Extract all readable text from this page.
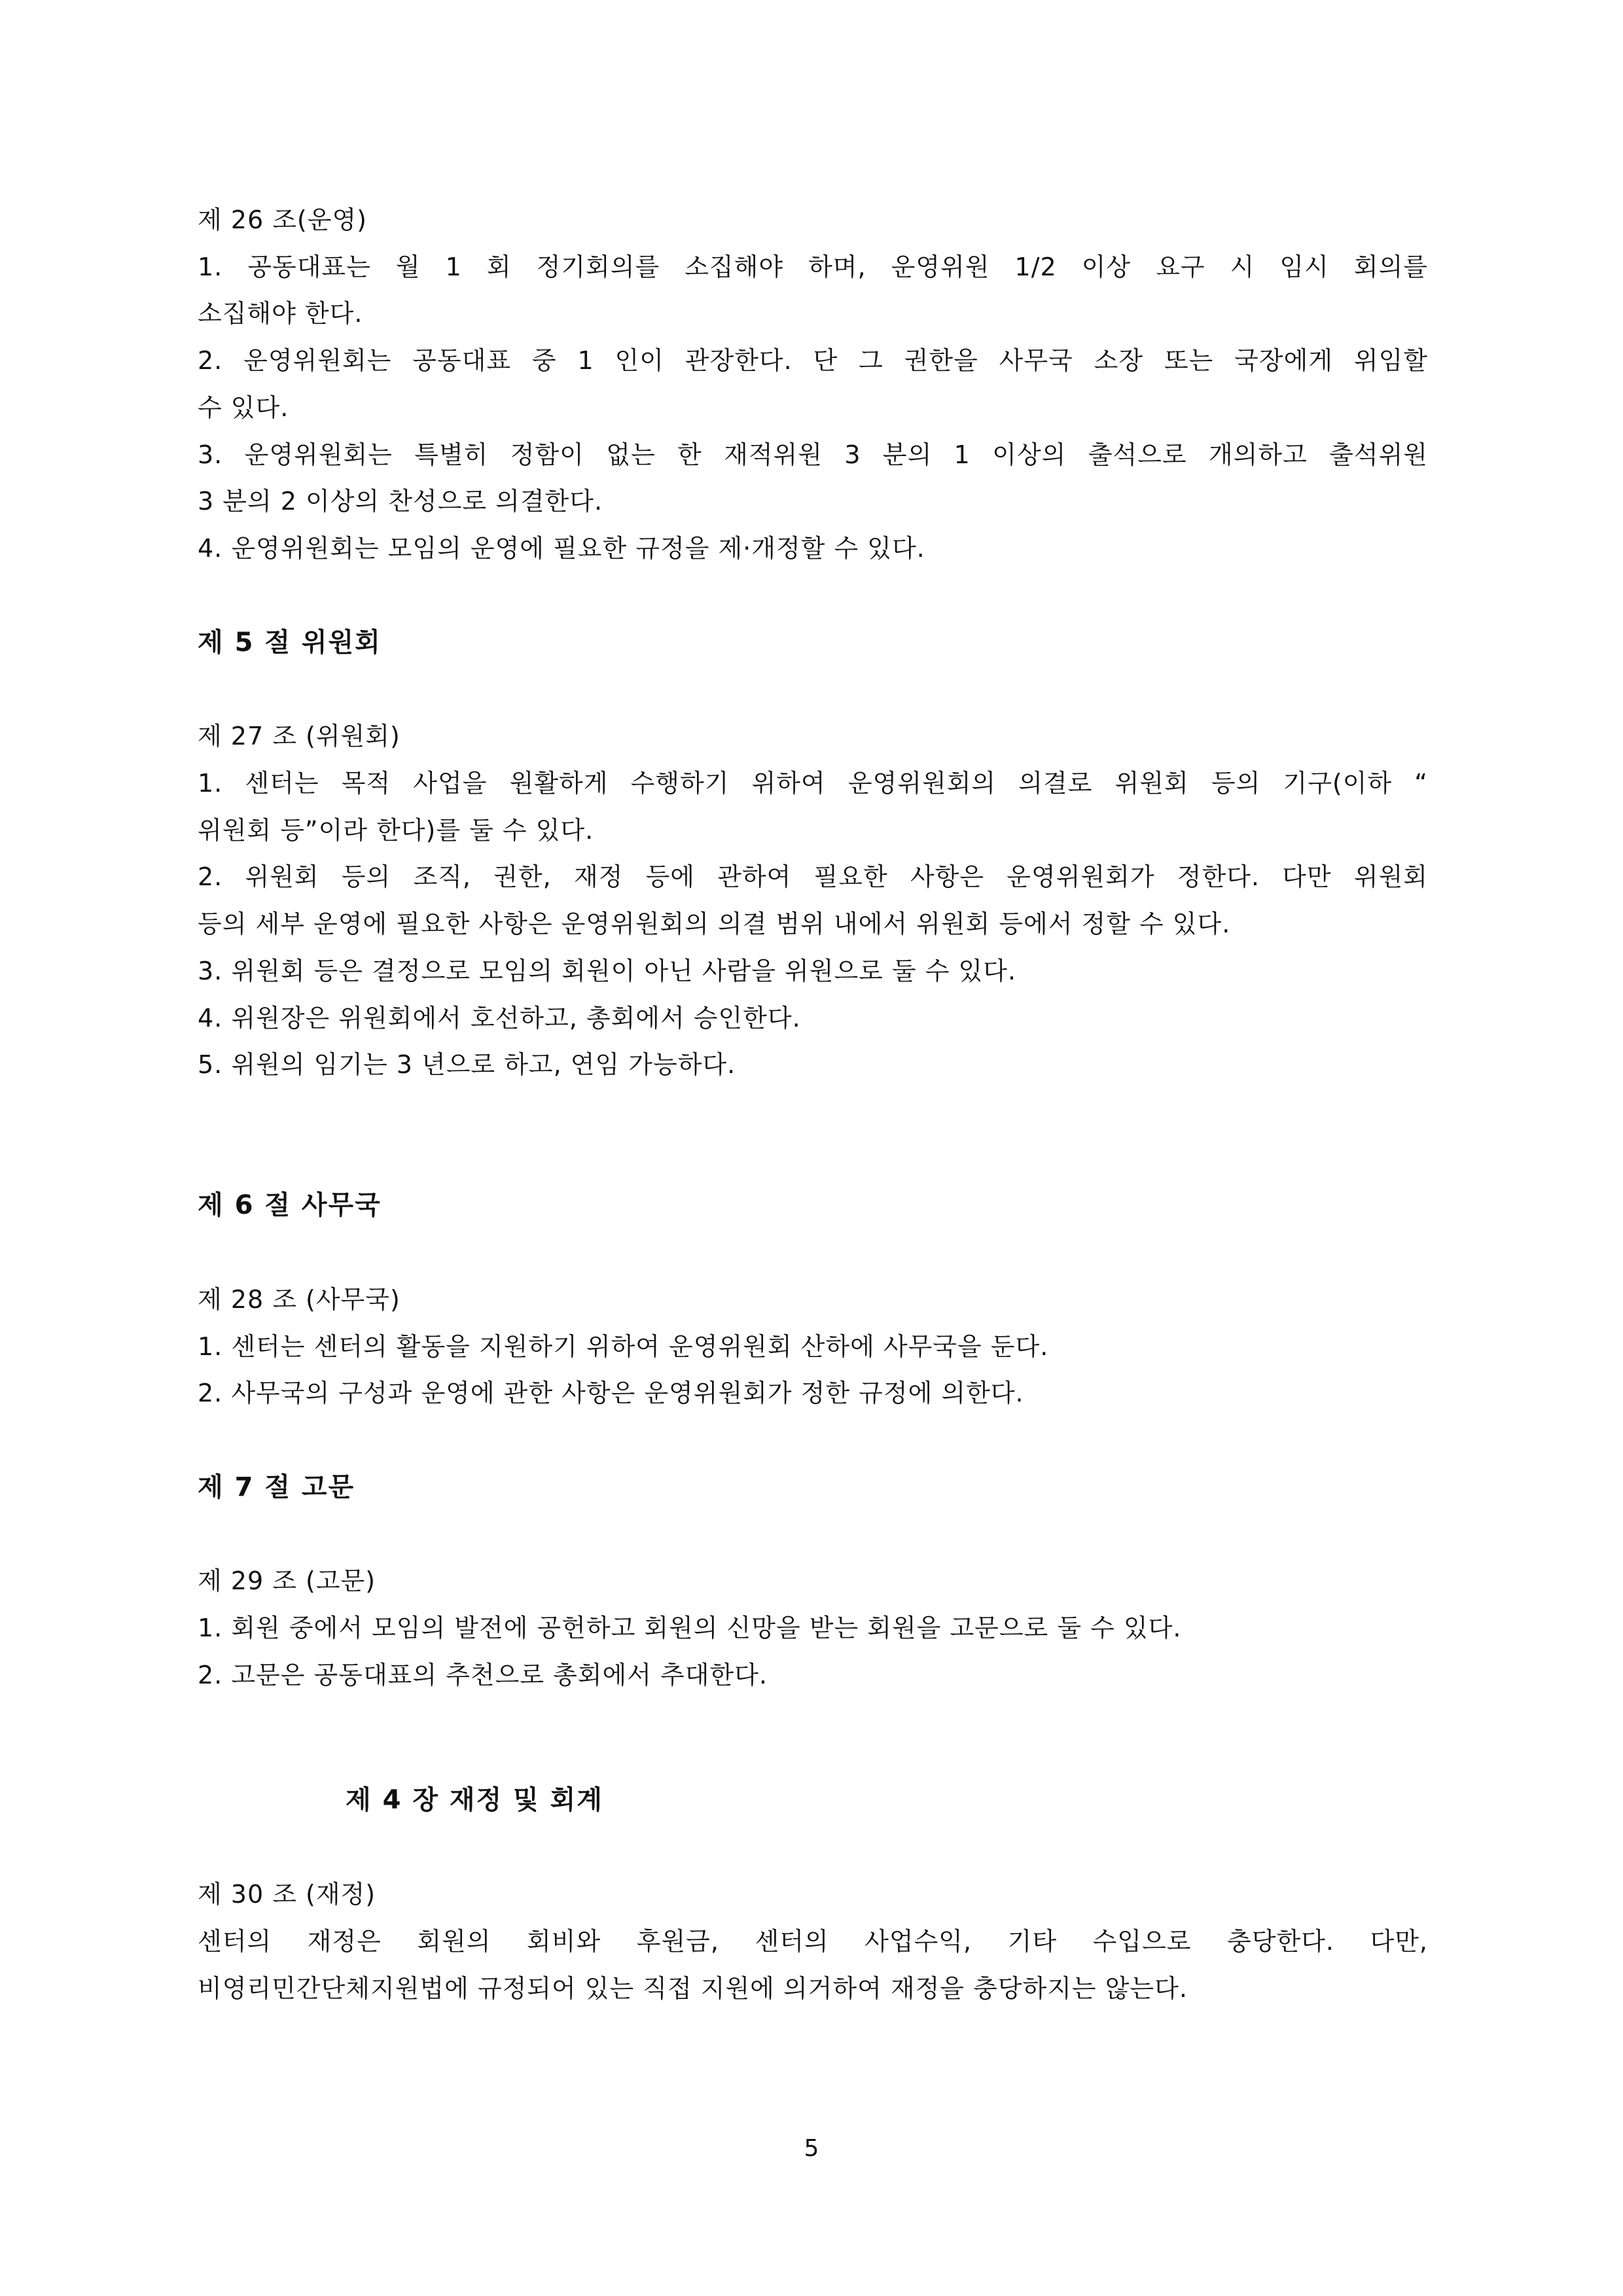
제 26 조(운영)
1. 공동대표는 월 1 회 정기회의를 소집해야 하며, 운영위원 1/2 이상 요구 시 임시 회의를
소집해야 한다.
2. 운영위원회는 공동대표 중 1 인이 관장한다. 단 그 권한을 사무국 소장 또는 국장에게 위임할
수 있다.
3. 운영위원회는 특별히 정함이 없는 한 재적위원 3 분의 1 이상의 출석으로 개의하고 출석위원
3 분의 2 이상의 찬성으로 의결한다.
4. 운영위원회는 모임의 운영에 필요한 규정을 제·개정할 수 있다.
제 5 절 위원회
제 27 조 (위원회)
1. 센터는 목적 사업을 원활하게 수행하기 위하여 운영위원회의 의결로 위원회 등의 기구(이하 “
위원회 등”이라 한다)를 둘 수 있다.
2. 위원회 등의 조직, 권한, 재정 등에 관하여 필요한 사항은 운영위원회가 정한다. 다만 위원회
등의 세부 운영에 필요한 사항은 운영위원회의 의결 범위 내에서 위원회 등에서 정할 수 있다.
3. 위원회 등은 결정으로 모임의 회원이 아닌 사람을 위원으로 둘 수 있다.
4. 위원장은 위원회에서 호선하고, 총회에서 승인한다.
5. 위원의 임기는 3 년으로 하고, 연임 가능하다.
제 6 절 사무국
제 28 조 (사무국)
1. 센터는 센터의 활동을 지원하기 위하여 운영위원회 산하에 사무국을 둔다.
2. 사무국의 구성과 운영에 관한 사항은 운영위원회가 정한 규정에 의한다.
제 7 절 고문
제 29 조 (고문)
1. 회원 중에서 모임의 발전에 공헌하고 회원의 신망을 받는 회원을 고문으로 둘 수 있다.
2. 고문은 공동대표의 추천으로 총회에서 추대한다.
제 4 장 재정 및 회계
제 30 조 (재정)
센터의 재정은 회원의 회비와 후원금, 센터의 사업수익, 기타 수입으로 충당한다. 다만,
비영리민간단체지원법에 규정되어 있는 직접 지원에 의거하여 재정을 충당하지는 않는다.
5
